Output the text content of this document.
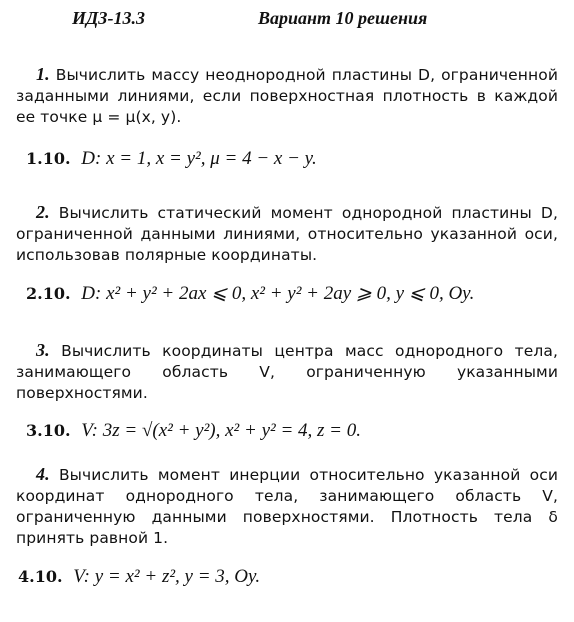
ИДЗ-13.3	Вариант 10 решения
1. Вычислить массу неоднородной пластины D, ограниченной заданными линиями, если поверхностная плотность в каждой ее точке μ = μ(x, y).
1.10. D: x = 1, x = y², μ = 4 − x − y.
2. Вычислить статический момент однородной пластины D, ограниченной данными линиями, относительно указанной оси, использовав полярные координаты.
2.10. D: x² + y² + 2ax ⩽ 0, x² + y² + 2ay ⩾ 0, y ⩽ 0, Oy.
3. Вычислить координаты центра масс однородного тела, занимающего область V, ограниченную указанными поверхностями.
3.10. V: 3z = √(x² + y²), x² + y² = 4, z = 0.
4. Вычислить момент инерции относительно указанной оси координат однородного тела, занимающего область V, ограниченную данными поверхностями. Плотность тела δ принять равной 1.
4.10. V: y = x² + z², y = 3, Oy.
